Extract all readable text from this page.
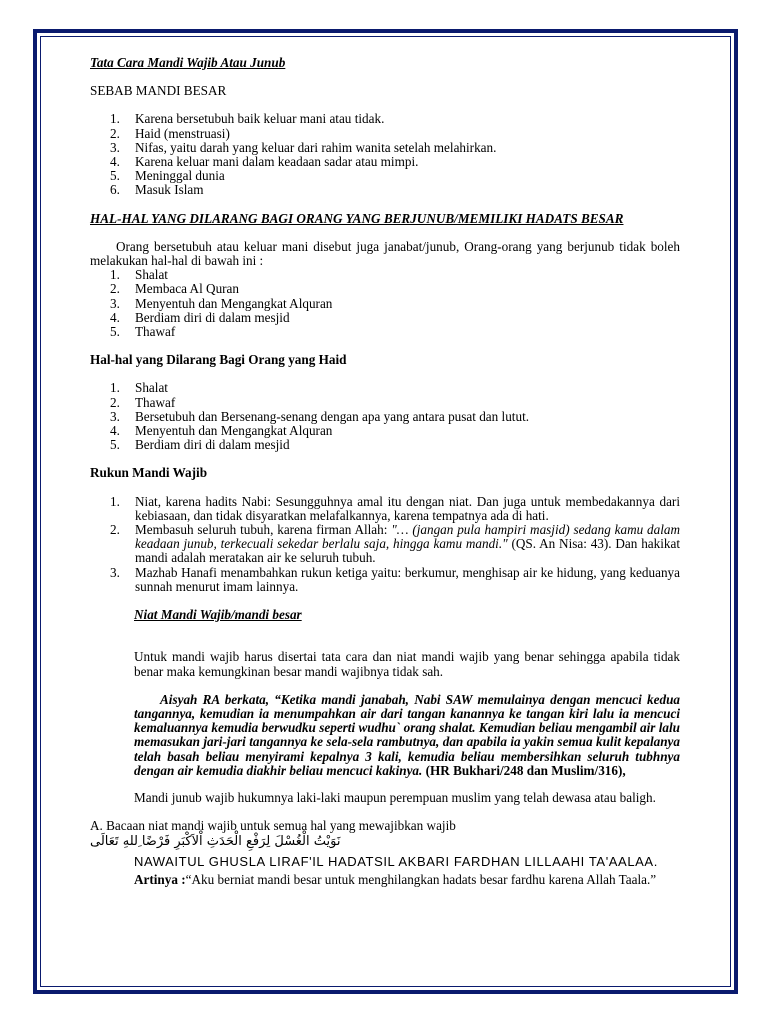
Tata Cara Mandi Wajib Atau Junub

SEBAB MANDI BESAR

1. Karena bersetubuh baik keluar mani atau tidak.
2. Haid (menstruasi)
3. Nifas, yaitu darah yang keluar dari rahim wanita setelah melahirkan.
4. Karena keluar mani dalam keadaan sadar atau mimpi.
5. Meninggal dunia
6. Masuk Islam

HAL-HAL YANG DILARANG BAGI ORANG YANG BERJUNUB/MEMILIKI HADATS BESAR

Orang bersetubuh atau keluar mani disebut juga janabat/junub, Orang-orang yang berjunub tidak boleh melakukan hal-hal di bawah ini :

1. Shalat
2. Membaca Al Quran
3. Menyentuh dan Mengangkat Alquran
4. Berdiam diri di dalam mesjid
5. Thawaf

Hal-hal yang Dilarang Bagi Orang yang Haid

1. Shalat
2. Thawaf
3. Bersetubuh dan Bersenang-senang dengan apa yang antara pusat dan lutut.
4. Menyentuh dan Mengangkat Alquran
5. Berdiam diri di dalam mesjid

Rukun Mandi Wajib

1. Niat, karena hadits Nabi: Sesungguhnya amal itu dengan niat. Dan juga untuk membedakannya dari kebiasaan, dan tidak disyaratkan melafalkannya, karena tempatnya ada di hati.
2. Membasuh seluruh tubuh, karena firman Allah: "… (jangan pula hampiri masjid) sedang kamu dalam keadaan junub, terkecuali sekedar berlalu saja, hingga kamu mandi." (QS. An Nisa: 43). Dan hakikat mandi adalah meratakan air ke seluruh tubuh.
3. Mazhab Hanafi menambahkan rukun ketiga yaitu: berkumur, menghisap air ke hidung, yang keduanya sunnah menurut imam lainnya.

Niat Mandi Wajib/mandi besar

Untuk mandi wajib harus disertai tata cara dan niat mandi wajib yang benar sehingga apabila tidak benar maka kemungkinan besar mandi wajibnya tidak sah.

Aisyah RA berkata, “Ketika mandi janabah, Nabi SAW memulainya dengan mencuci kedua tangannya, kemudian ia menumpahkan air dari tangan kanannya ke tangan kiri lalu ia mencuci kemaluannya kemudia berwudku seperti wudhu` orang shalat. Kemudian beliau mengambil air lalu memasukan jari-jari tangannya ke sela-sela rambutnya, dan apabila ia yakin semua kulit kepalanya telah basah beliau menyirami kepalnya 3 kali, kemudia beliau membersihkan seluruh tubhnya dengan air kemudia diakhir beliau mencuci kakinya. (HR Bukhari/248 dan Muslim/316),

Mandi junub wajib hukumnya laki-laki maupun perempuan muslim yang telah dewasa atau baligh.

A. Bacaan niat mandi wajib untuk semua hal yang mewajibkan wajib

نَوَيْتُ الْغُسْلَ لِرَفْعِ الْحَدَثِ اْلاَكْبَرِ فَرْضًا ِللهِ تَعَالَى

NAWAITUL GHUSLA LIRAF'IL HADATSIL AKBARI FARDHAN LILLAAHI TA'AALAA.

Artinya :“Aku berniat mandi besar untuk menghilangkan hadats besar fardhu karena Allah Taala.”
